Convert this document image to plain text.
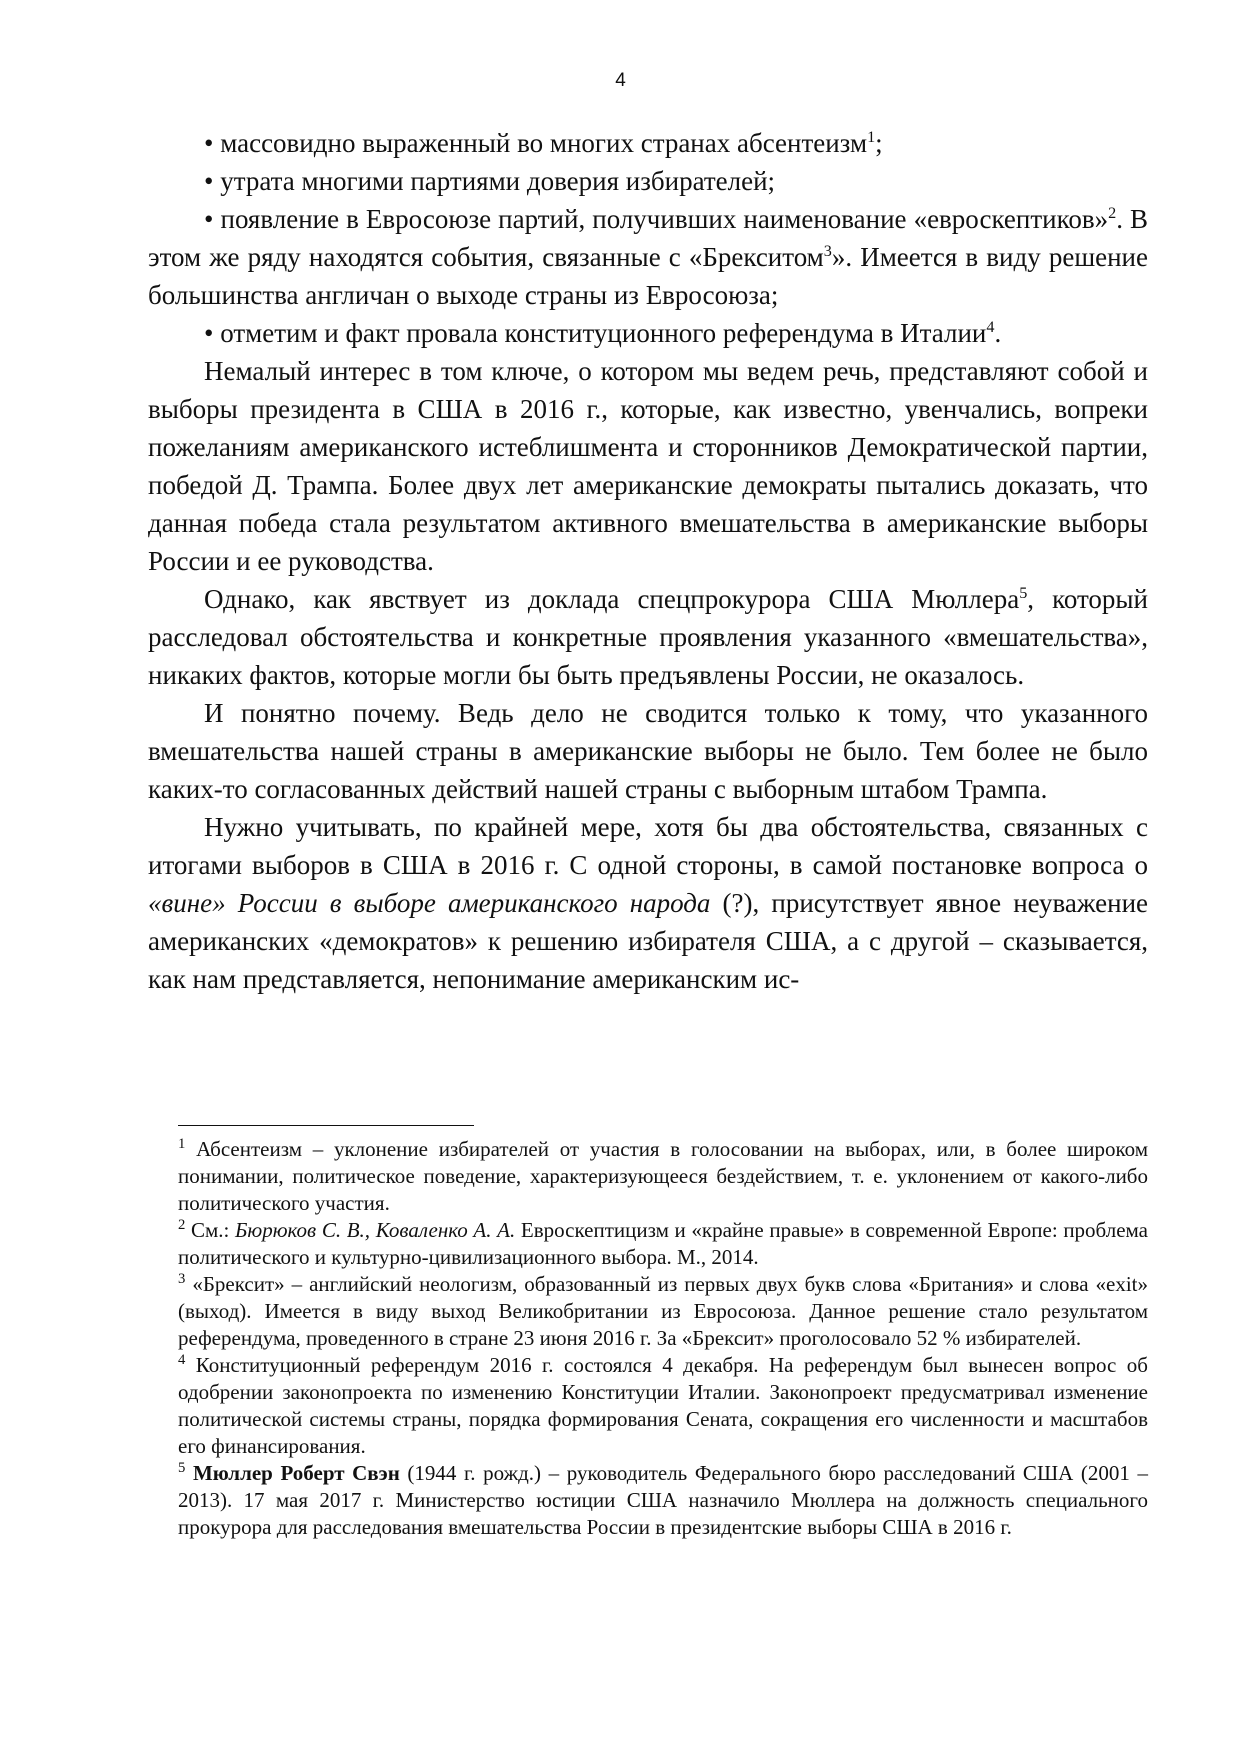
4

• массовидно выраженный во многих странах абсентеизм$^1$;

• утрата многими партиями доверия избирателей;

• появление в Евросоюзе партий, получивших наименование «евроскептиков»$^2$. В этом же ряду находятся события, связанные с «Брекситом$^3$». Имеется в виду решение большинства англичан о выходе страны из Евросоюза;

• отметим и факт провала конституционного референдума в Италии$^4$.

Немалый интерес в том ключе, о котором мы ведем речь, представляют собой и выборы президента в США в 2016 г., которые, как известно, увенчались, вопреки пожеланиям американского истеблишмента и сторонников Демократической партии, победой Д. Трампа. Более двух лет американские демократы пытались доказать, что данная победа стала результатом активного вмешательства в американские выборы России и ее руководства.

Однако, как явствует из доклада спецпрокурора США Мюллера$^5$, который расследовал обстоятельства и конкретные проявления указанного «вмешательства», никаких фактов, которые могли бы быть предъявлены России, не оказалось.

И понятно почему. Ведь дело не сводится только к тому, что указанного вмешательства нашей страны в американские выборы не было. Тем более не было каких-то согласованных действий нашей страны с выборным штабом Трампа.

Нужно учитывать, по крайней мере, хотя бы два обстоятельства, связанных с итогами выборов в США в 2016 г. С одной стороны, в самой постановке вопроса о «вине» России в выборе американского народа (?), присутствует явное неуважение американских «демократов» к решению избирателя США, а с другой – сказывается, как нам представляется, непонимание американским ис-

$^1$ Абсентеизм – уклонение избирателей от участия в голосовании на выборах, или, в более широком понимании, политическое поведение, характеризующееся бездействием, т. е. уклонением от какого-либо политического участия.

$^2$ См.: Бюрюков С. В., Коваленко А. А. Евроскептицизм и «крайне правые» в современной Европе: проблема политического и культурно-цивилизационного выбора. М., 2014.

$^3$ «Брексит» – английский неологизм, образованный из первых двух букв слова «Британия» и слова «exit» (выход). Имеется в виду выход Великобритании из Евросоюза. Данное решение стало результатом референдума, проведенного в стране 23 июня 2016 г. За «Брексит» проголосовало 52 % избирателей.

$^4$ Конституционный референдум 2016 г. состоялся 4 декабря. На референдум был вынесен вопрос об одобрении законопроекта по изменению Конституции Италии. Законопроект предусматривал изменение политической системы страны, порядка формирования Сената, сокращения его численности и масштабов его финансирования.

$^5$ Мюллер Роберт Свэн (1944 г. рожд.) – руководитель Федерального бюро расследований США (2001 – 2013). 17 мая 2017 г. Министерство юстиции США назначило Мюллера на должность специального прокурора для расследования вмешательства России в президентские выборы США в 2016 г.
